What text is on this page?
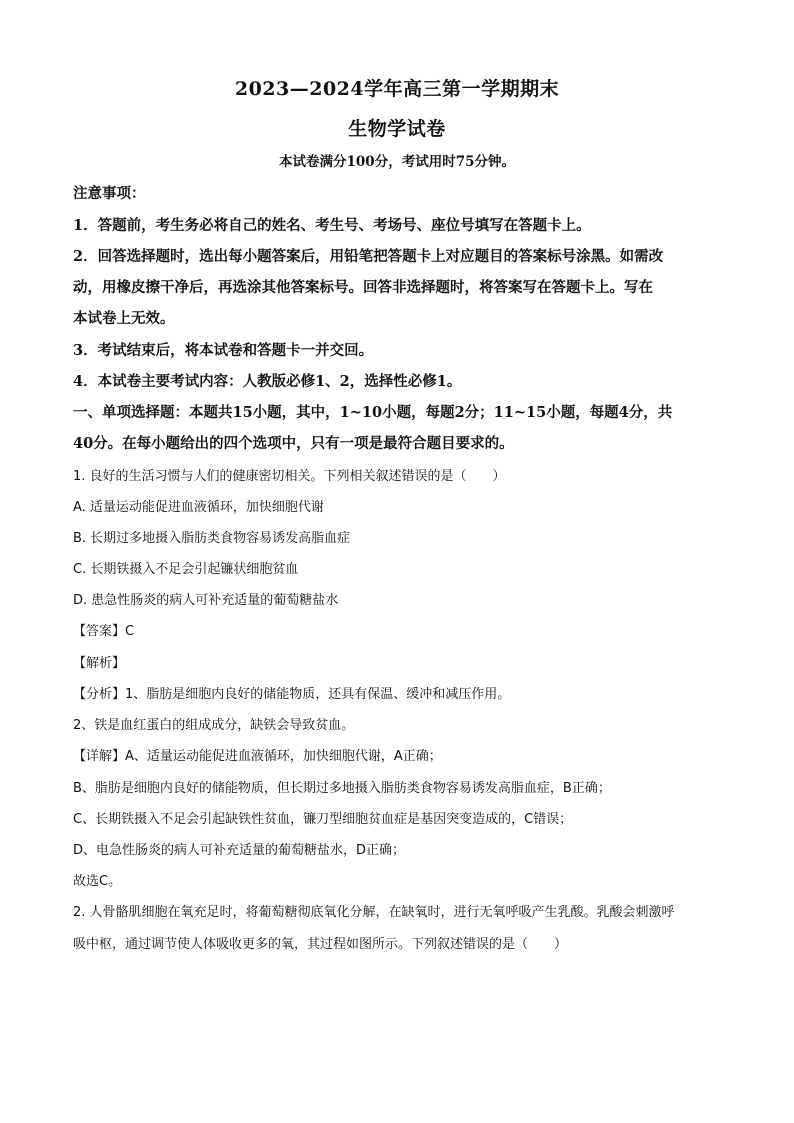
2023—2024学年高三第一学期期末
生物学试卷
本试卷满分100分，考试用时75分钟。
注意事项：
1．答题前，考生务必将自己的姓名、考生号、考场号、座位号填写在答题卡上。
2．回答选择题时，选出每小题答案后，用铅笔把答题卡上对应题目的答案标号涂黑。如需改
动，用橡皮擦干净后，再选涂其他答案标号。回答非选择题时，将答案写在答题卡上。写在
本试卷上无效。
3．考试结束后，将本试卷和答题卡一并交回。
4．本试卷主要考试内容：人教版必修1、2，选择性必修1。
一、单项选择题：本题共15小题，其中，1~10小题，每题2分；11~15小题，每题4分，共
40分。在每小题给出的四个选项中，只有一项是最符合题目要求的。
1. 良好的生活习惯与人们的健康密切相关。下列相关叙述错误的是（　　）
A. 适量运动能促进血液循环，加快细胞代谢
B. 长期过多地摄入脂肪类食物容易诱发高脂血症
C. 长期铁摄入不足会引起镰状细胞贫血
D. 患急性肠炎的病人可补充适量的葡萄糖盐水
【答案】C
【解析】
【分析】1、脂肪是细胞内良好的储能物质，还具有保温、缓冲和减压作用。
2、铁是血红蛋白的组成成分，缺铁会导致贫血。
【详解】A、适量运动能促进血液循环，加快细胞代谢，A正确；
B、脂肪是细胞内良好的储能物质，但长期过多地摄入脂肪类食物容易诱发高脂血症，B正确；
C、长期铁摄入不足会引起缺铁性贫血，镰刀型细胞贫血症是基因突变造成的，C错误；
D、电急性肠炎的病人可补充适量的葡萄糖盐水，D正确；
故选C。
2. 人骨骼肌细胞在氧充足时，将葡萄糖彻底氧化分解，在缺氧时，进行无氧呼吸产生乳酸。乳酸会刺激呼
吸中枢，通过调节使人体吸收更多的氧，其过程如图所示。下列叙述错误的是（　　）
